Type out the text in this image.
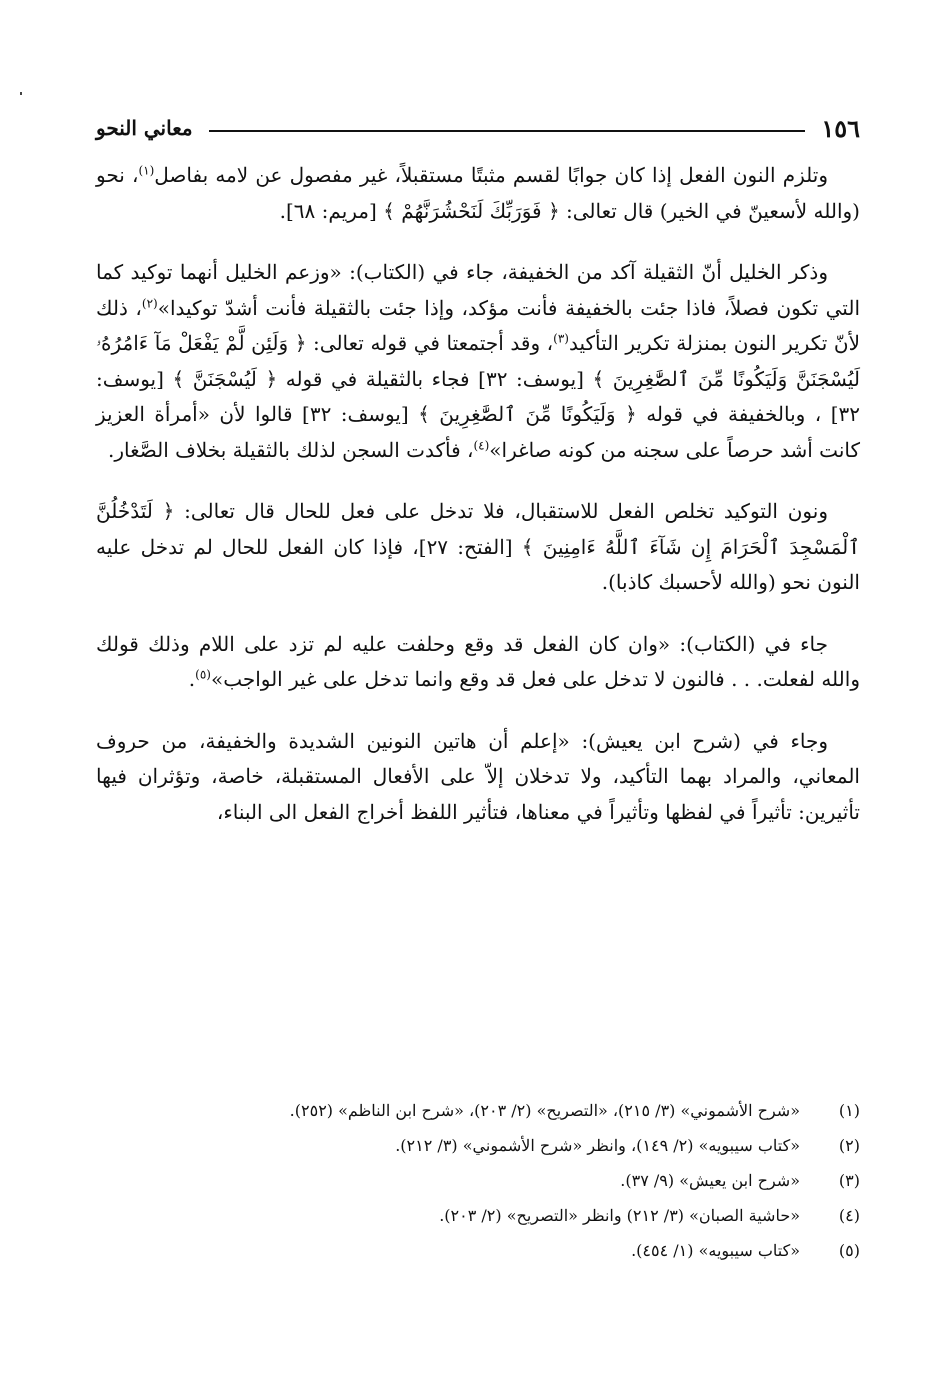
١٥٦
معاني النحو

وتلزم النون الفعل إذا كان جوابًا لقسم مثبتًا مستقبلاً، غير مفصول عن لامه بفاصل$^{(١)}$، نحو (والله لأسعينّ في الخير) قال تعالى: ﴿ فَوَرَبِّكَ لَنَحْشُرَنَّهُمْ ﴾ [مريم: ٦٨].

وذكر الخليل أنّ الثقيلة آكد من الخفيفة، جاء في (الكتاب): «وزعم الخليل أنهما توكيد كما التي تكون فصلاً، فاذا جئت بالخفيفة فأنت مؤكد، وإذا جئت بالثقيلة فأنت أشدّ توكيدا»$^{(٢)}$، ذلك لأنّ تكرير النون بمنزلة تكرير التأكيد$^{(٣)}$، وقد أجتمعتا في قوله تعالى: ﴿ وَلَئِن لَّمْ يَفْعَلْ مَآ ءَامُرُهُۥ لَيُسْجَنَنَّ وَلَيَكُونًا مِّنَ ٱلصَّٰغِرِينَ ﴾ [يوسف: ٣٢] فجاء بالثقيلة في قوله ﴿ لَيُسْجَنَنَّ ﴾ [يوسف: ٣٢] ، وبالخفيفة في قوله ﴿ وَلَيَكُونًا مِّنَ ٱلصَّٰغِرِينَ ﴾ [يوسف: ٣٢] قالوا لأن «أمرأة العزيز كانت أشد حرصاً على سجنه من كونه صاغرا»$^{(٤)}$، فأكدت السجن لذلك بالثقيلة بخلاف الصَّغار.

ونون التوكيد تخلص الفعل للاستقبال، فلا تدخل على فعل للحال قال تعالى: ﴿ لَتَدْخُلُنَّ ٱلْمَسْجِدَ ٱلْحَرَامَ إِن شَآءَ ٱللَّهُ ءَامِنِينَ ﴾ [الفتح: ٢٧]، فإذا كان الفعل للحال لم تدخل عليه النون نحو (والله لأحسبك كاذبا).

جاء في (الكتاب): «وان كان الفعل قد وقع وحلفت عليه لم تزد على اللام وذلك قولك والله لفعلت. . . فالنون لا تدخل على فعل قد وقع وانما تدخل على غير الواجب»$^{(٥)}$.

وجاء في (شرح ابن يعيش): «إعلم أن هاتين النونين الشديدة والخفيفة، من حروف المعاني، والمراد بهما التأكيد، ولا تدخلان إلاّ على الأفعال المستقبلة، خاصة، وتؤثران فيها تأثيرين: تأثيراً في لفظها وتأثيراً في معناها، فتأثير اللفظ أخراج الفعل الى البناء،

(١)
«شرح الأشموني» (٣/ ٢١٥)، «التصريح» (٢/ ٢٠٣)، «شرح ابن الناظم» (٢٥٢).
(٢)
«كتاب سيبويه» (٢/ ١٤٩)، وانظر «شرح الأشموني» (٣/ ٢١٢).
(٣)
«شرح ابن يعيش» (٩/ ٣٧).
(٤)
«حاشية الصبان» (٣/ ٢١٢) وانظر «التصريح» (٢/ ٢٠٣).
(٥)
«كتاب سيبويه» (١/ ٤٥٤).
